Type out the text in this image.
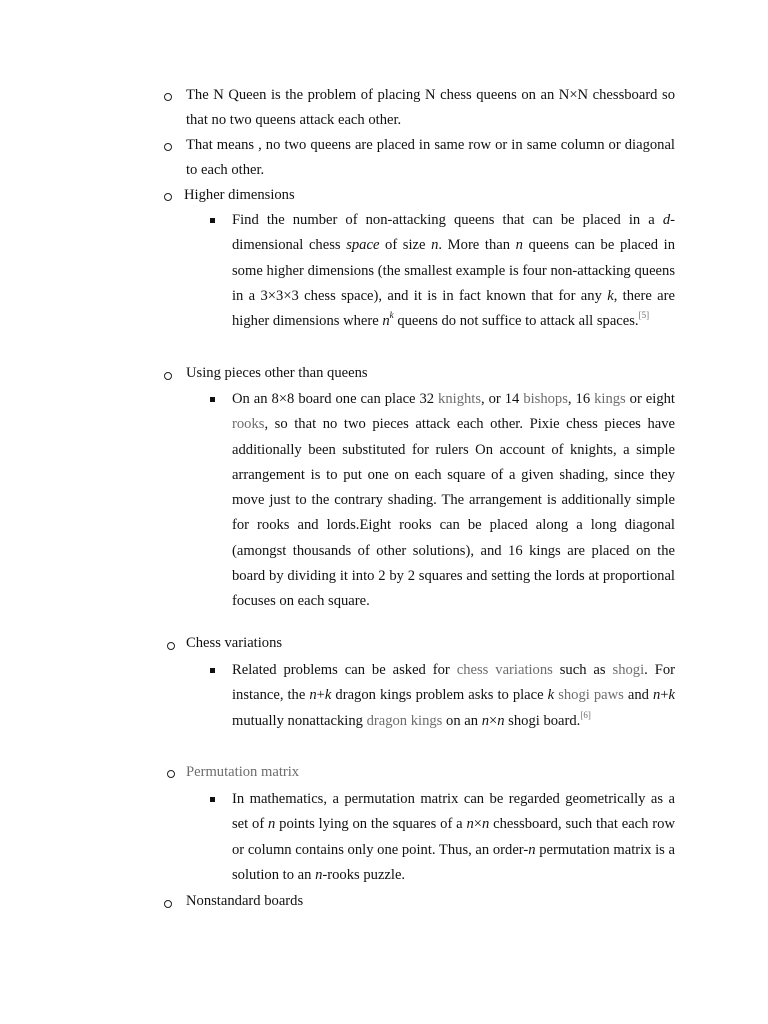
The N Queen is the problem of placing N chess queens on an N×N chessboard so that no two queens attack each other.
That means , no two queens are placed in same row or in same column or diagonal to each other.
Higher dimensions
Find the number of non-attacking queens that can be placed in a d-dimensional chess space of size n. More than n queens can be placed in some higher dimensions (the smallest example is four non-attacking queens in a 3×3×3 chess space), and it is in fact known that for any k, there are higher dimensions where $n^k$ queens do not suffice to attack all spaces.[5]
Using pieces other than queens
On an 8×8 board one can place 32 knights, or 14 bishops, 16 kings or eight rooks, so that no two pieces attack each other. Pixie chess pieces have additionally been substituted for rulers On account of knights, a simple arrangement is to put one on each square of a given shading, since they move just to the contrary shading. The arrangement is additionally simple for rooks and lords.Eight rooks can be placed along a long diagonal (amongst thousands of other solutions), and 16 kings are placed on the board by dividing it into 2 by 2 squares and setting the lords at proportional focuses on each square.
Chess variations
Related problems can be asked for chess variations such as shogi. For instance, the n+k dragon kings problem asks to place k shogi paws and n+k mutually nonattacking dragon kings on an n×n shogi board.[6]
Permutation matrix
In mathematics, a permutation matrix can be regarded geometrically as a set of n points lying on the squares of a n×n chessboard, such that each row or column contains only one point. Thus, an order-n permutation matrix is a solution to an n-rooks puzzle.
Nonstandard boards
